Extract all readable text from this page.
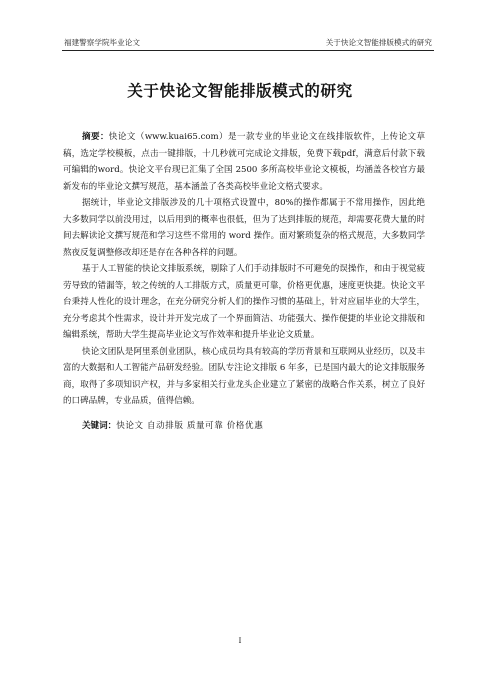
福建警察学院毕业论文	关于快论文智能排版模式的研究
关于快论文智能排版模式的研究

摘要：快论文（www.kuai65.com）是一款专业的毕业论文在线排版软件，上传论文草稿，选定学校模板，点击一键排版，十几秒就可完成论文排版，免费下载pdf，满意后付款下载可编辑的word。快论文平台现已汇集了全国 2500 多所高校毕业论文模板，均涵盖各校官方最新发布的毕业论文撰写规范，基本涵盖了各类高校毕业论文格式要求。

据统计，毕业论文排版涉及的几十项格式设置中，80%的操作都属于不常用操作，因此绝大多数同学以前没用过，以后用到的概率也很低，但为了达到排版的规范，却需要花费大量的时间去解读论文撰写规范和学习这些不常用的 word 操作。面对繁琐复杂的格式规范，大多数同学熬夜反复调整修改却还是存在各种各样的问题。

基于人工智能的快论文排版系统，剔除了人们手动排版时不可避免的误操作，和由于视觉疲劳导致的错漏等，较之传统的人工排版方式，质量更可靠，价格更优惠，速度更快捷。快论文平台秉持人性化的设计理念，在充分研究分析人们的操作习惯的基础上，针对应届毕业的大学生，充分考虑其个性需求，设计并开发完成了一个界面简洁、功能强大、操作便捷的毕业论文排版和编辑系统，帮助大学生提高毕业论文写作效率和提升毕业论文质量。

快论文团队是阿里系创业团队，核心成员均具有较高的学历背景和互联网从业经历，以及丰富的大数据和人工智能产品研发经验。团队专注论文排版 6 年多，已是国内最大的论文排版服务商，取得了多项知识产权，并与多家相关行业龙头企业建立了紧密的战略合作关系，树立了良好的口碑品牌，专业品质，值得信赖。

关键词：快论文 自动排版 质量可靠 价格优惠

I
